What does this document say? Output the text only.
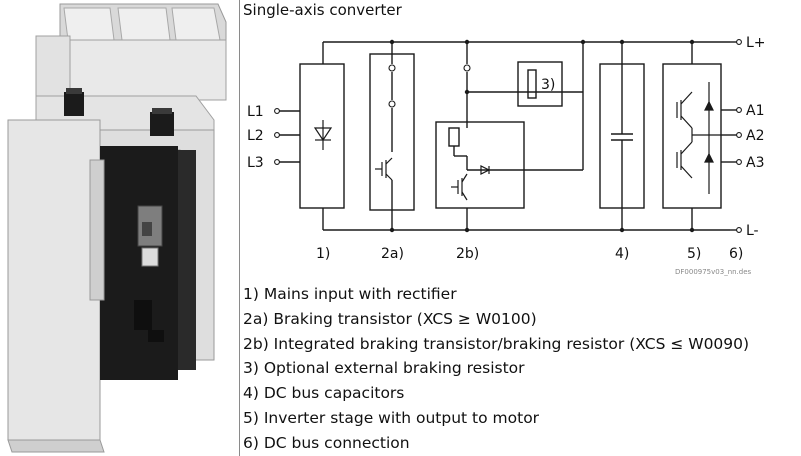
Single-axis converter
L1
L2
L3
L+
L-
A1
A2
A3
1)	2a)	2b)
3)
4)	5) 6)
DF000975v03_nn.des
1) Mains input with rectifier
2a) Braking transistor (XCS ≥ W0100)
2b) Integrated braking transistor/braking resistor (XCS ≤ W0090)
3) Optional external braking resistor
4) DC bus capacitors
5) Inverter stage with output to motor
6) DC bus connection
